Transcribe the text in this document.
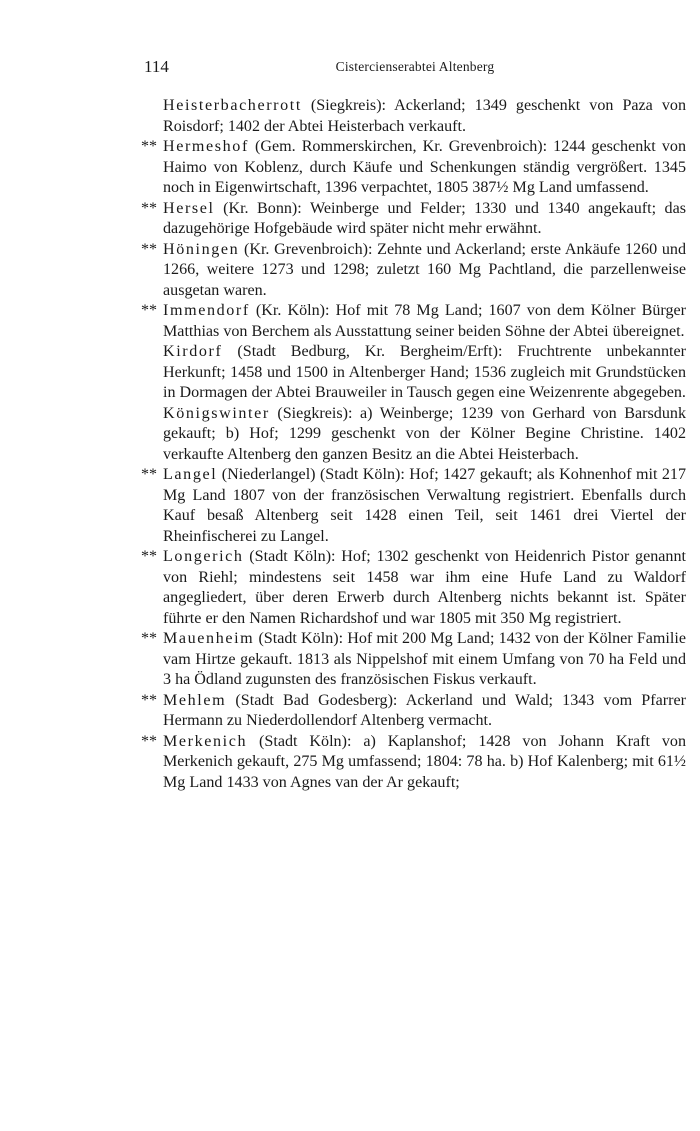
114	Cistercienserabtei Altenberg

Heisterbacherrott (Siegkreis): Ackerland; 1349 geschenkt von Paza von Roisdorf; 1402 der Abtei Heisterbach verkauft.

** Hermeshof (Gem. Rommerskirchen, Kr. Grevenbroich): 1244 geschenkt von Haimo von Koblenz, durch Käufe und Schenkungen ständig vergrößert. 1345 noch in Eigenwirtschaft, 1396 verpachtet, 1805 387½ Mg Land umfassend.

** Hersel (Kr. Bonn): Weinberge und Felder; 1330 und 1340 angekauft; das dazugehörige Hofgebäude wird später nicht mehr erwähnt.

** Höningen (Kr. Grevenbroich): Zehnte und Ackerland; erste Ankäufe 1260 und 1266, weitere 1273 und 1298; zuletzt 160 Mg Pachtland, die parzellenweise ausgetan waren.

** Immendorf (Kr. Köln): Hof mit 78 Mg Land; 1607 von dem Kölner Bürger Matthias von Berchem als Ausstattung seiner beiden Söhne der Abtei übereignet.

Kirdorf (Stadt Bedburg, Kr. Bergheim/Erft): Fruchtrente unbekannter Herkunft; 1458 und 1500 in Altenberger Hand; 1536 zugleich mit Grundstücken in Dormagen der Abtei Brauweiler in Tausch gegen eine Weizenrente abgegeben.

Königswinter (Siegkreis): a) Weinberge; 1239 von Gerhard von Barsdunk gekauft; b) Hof; 1299 geschenkt von der Kölner Begine Christine. 1402 verkaufte Altenberg den ganzen Besitz an die Abtei Heisterbach.

** Langel (Niederlangel) (Stadt Köln): Hof; 1427 gekauft; als Kohnenhof mit 217 Mg Land 1807 von der französischen Verwaltung registriert. Ebenfalls durch Kauf besaß Altenberg seit 1428 einen Teil, seit 1461 drei Viertel der Rheinfischerei zu Langel.

** Longerich (Stadt Köln): Hof; 1302 geschenkt von Heidenrich Pistor genannt von Riehl; mindestens seit 1458 war ihm eine Hufe Land zu Waldorf angegliedert, über deren Erwerb durch Altenberg nichts bekannt ist. Später führte er den Namen Richardshof und war 1805 mit 350 Mg registriert.

** Mauenheim (Stadt Köln): Hof mit 200 Mg Land; 1432 von der Kölner Familie vam Hirtze gekauft. 1813 als Nippelshof mit einem Umfang von 70 ha Feld und 3 ha Ödland zugunsten des französischen Fiskus verkauft.

** Mehlem (Stadt Bad Godesberg): Ackerland und Wald; 1343 vom Pfarrer Hermann zu Niederdollendorf Altenberg vermacht.

** Merkenich (Stadt Köln): a) Kaplanshof; 1428 von Johann Kraft von Merkenich gekauft, 275 Mg umfassend; 1804: 78 ha. b) Hof Kalenberg; mit 61½ Mg Land 1433 von Agnes van der Ar gekauft;
